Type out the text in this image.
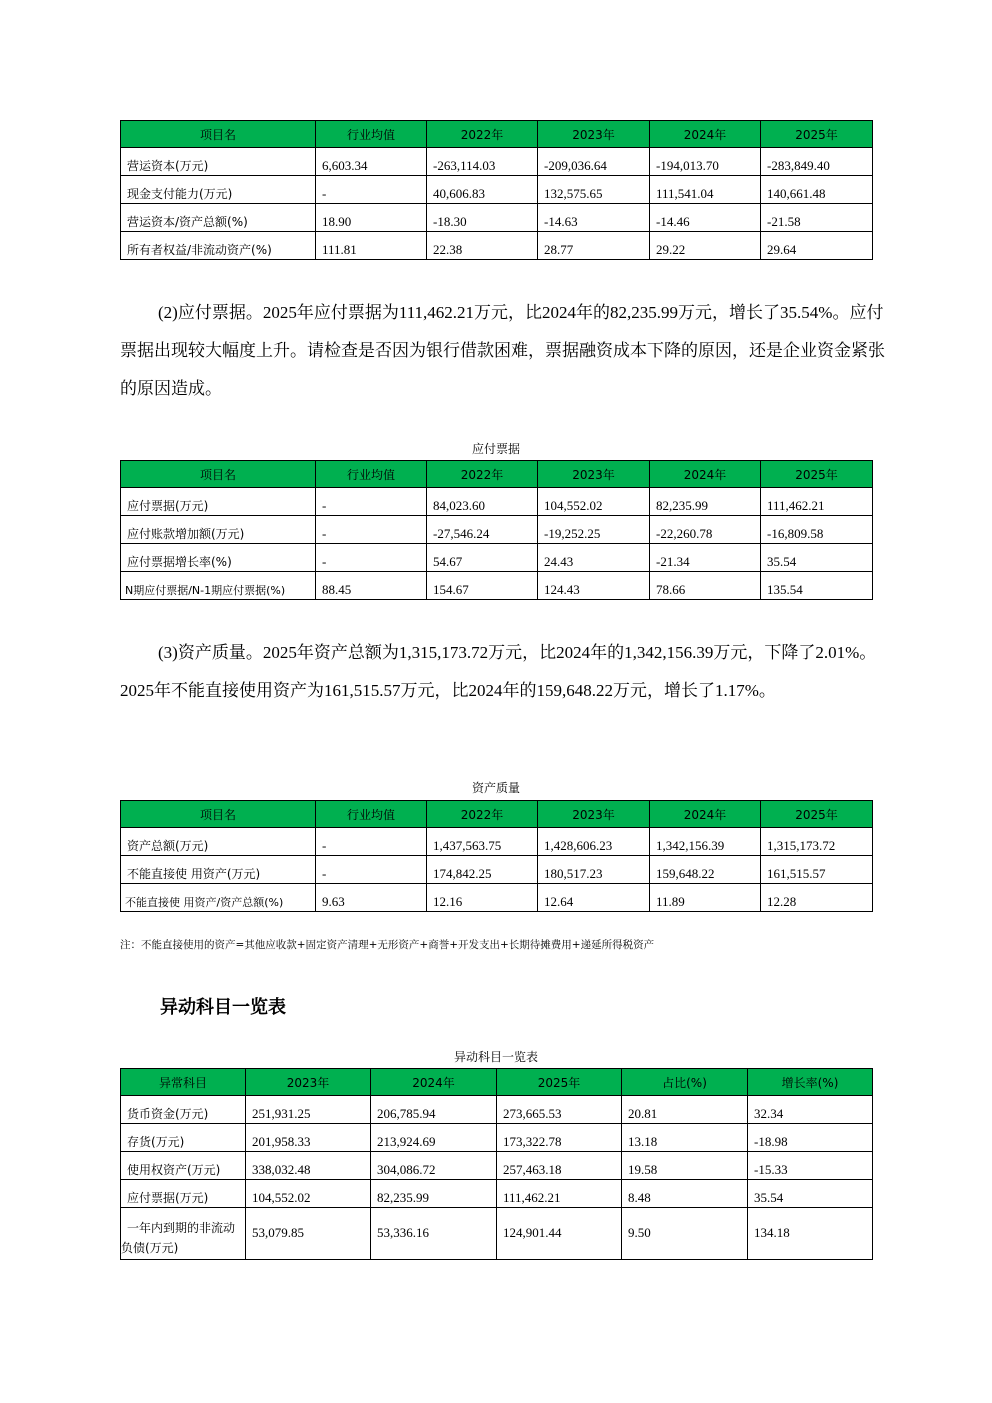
项目名	行业均值	2022年	2023年	2024年	2025年
营运资本(万元)	6,603.34	-263,114.03	-209,036.64	-194,013.70	-283,849.40
现金支付能力(万元)	-	40,606.83	132,575.65	111,541.04	140,661.48
营运资本/资产总额(%)	18.90	-18.30	-14.63	-14.46	-21.58
所有者权益/非流动资产(%)	111.81	22.38	28.77	29.22	29.64
(2)应付票据。2025年应付票据为111,462.21万元，比2024年的82,235.99万元，增长了35.54%。应付票据出现较大幅度上升。请检查是否因为银行借款困难，票据融资成本下降的原因，还是企业资金紧张的原因造成。
应付票据
项目名	行业均值	2022年	2023年	2024年	2025年
应付票据(万元)	-	84,023.60	104,552.02	82,235.99	111,462.21
应付账款增加额(万元)	-	-27,546.24	-19,252.25	-22,260.78	-16,809.58
应付票据增长率(%)	-	54.67	24.43	-21.34	35.54
N期应付票据/N-1期应付票据(%)	88.45	154.67	124.43	78.66	135.54
(3)资产质量。2025年资产总额为1,315,173.72万元，比2024年的1,342,156.39万元，下降了2.01%。2025年不能直接使用资产为161,515.57万元，比2024年的159,648.22万元，增长了1.17%。
资产质量
项目名	行业均值	2022年	2023年	2024年	2025年
资产总额(万元)	-	1,437,563.75	1,428,606.23	1,342,156.39	1,315,173.72
不能直接使 用资产(万元)	-	174,842.25	180,517.23	159,648.22	161,515.57
不能直接使 用资产/资产总额(%)	9.63	12.16	12.64	11.89	12.28
注：不能直接使用的资产=其他应收款+固定资产清理+无形资产+商誉+开发支出+长期待摊费用+递延所得税资产
异动科目一览表
异动科目一览表
异常科目	2023年	2024年	2025年	占比(%)	增长率(%)
货币资金(万元)	251,931.25	206,785.94	273,665.53	20.81	32.34
存货(万元)	201,958.33	213,924.69	173,322.78	13.18	-18.98
使用权资产(万元)	338,032.48	304,086.72	257,463.18	19.58	-15.33
应付票据(万元)	104,552.02	82,235.99	111,462.21	8.48	35.54
一年内到期的非流动负债(万元)	53,079.85	53,336.16	124,901.44	9.50	134.18
